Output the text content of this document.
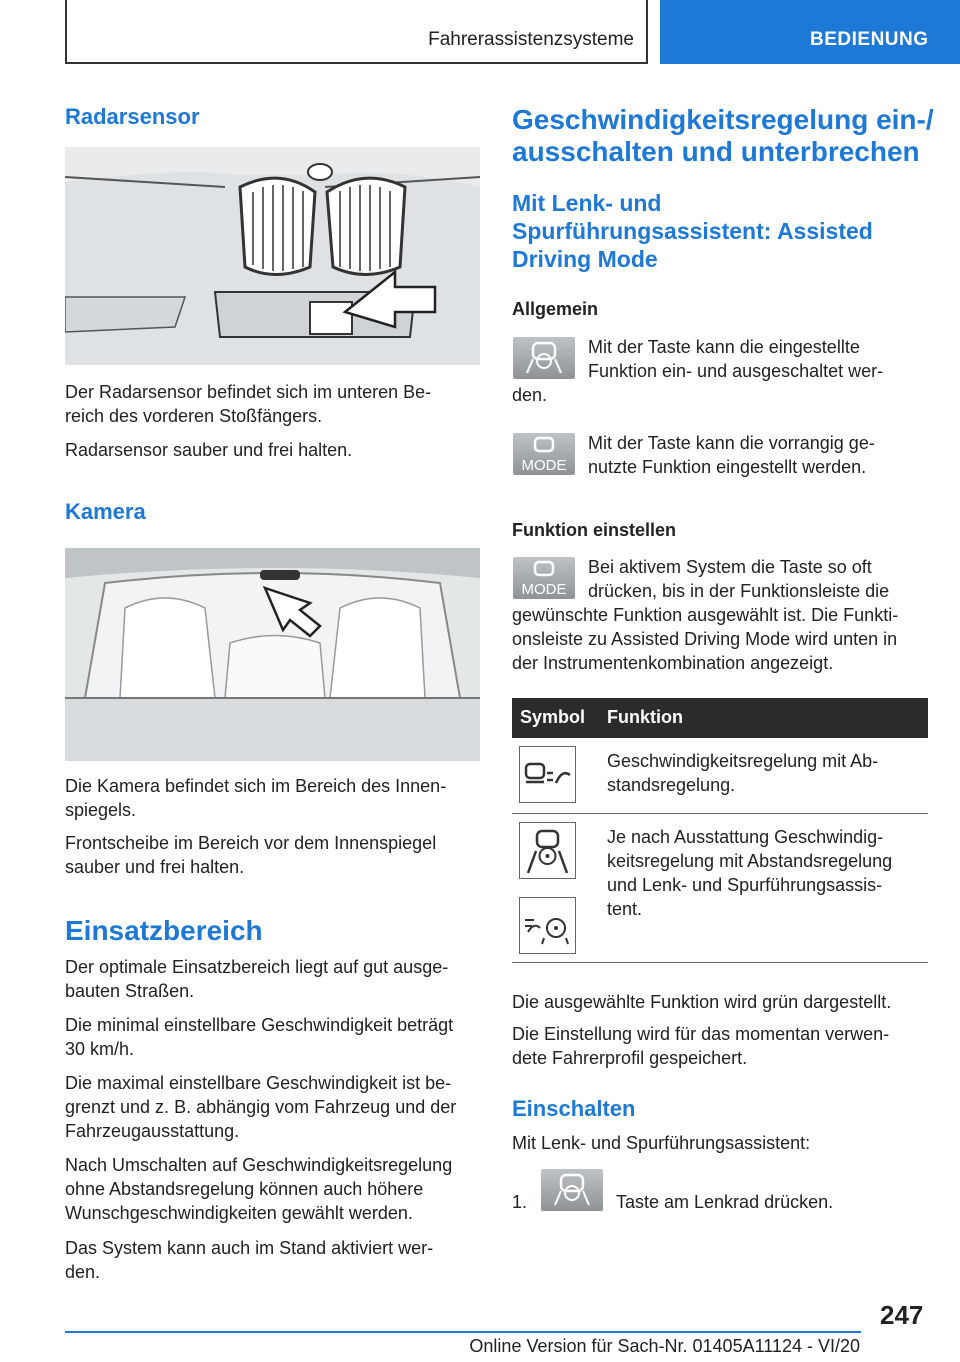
Fahrerassistenzsysteme	BEDIENUNG
Radarsensor
Der Radarsensor befindet sich im unteren Be-
reich des vorderen Stoßfängers.
Radarsensor sauber und frei halten.
Kamera
Die Kamera befindet sich im Bereich des Innen-
spiegels.
Frontscheibe im Bereich vor dem Innenspiegel
sauber und frei halten.
Einsatzbereich
Der optimale Einsatzbereich liegt auf gut ausge-
bauten Straßen.
Die minimal einstellbare Geschwindigkeit beträgt
30 km/h.
Die maximal einstellbare Geschwindigkeit ist be-
grenzt und z. B. abhängig vom Fahrzeug und der
Fahrzeugausstattung.
Nach Umschalten auf Geschwindigkeitsregelung
ohne Abstandsregelung können auch höhere
Wunschgeschwindigkeiten gewählt werden.
Das System kann auch im Stand aktiviert wer-
den.
Geschwindigkeitsregelung ein-/
ausschalten und unterbrechen
Mit Lenk- und
Spurführungsassistent: Assisted
Driving Mode
Allgemein
Mit der Taste kann die eingestellte
Funktion ein- und ausgeschaltet wer-
den.
MODE
Mit der Taste kann die vorrangig ge-
nutzte Funktion eingestellt werden.
Funktion einstellen
MODE
Bei aktivem System die Taste so oft
drücken, bis in der Funktionsleiste die
gewünschte Funktion ausgewählt ist. Die Funkti-
onsleiste zu Assisted Driving Mode wird unten in
der Instrumentenkombination angezeigt.
Symbol Funktion
Geschwindigkeitsregelung mit Ab-
standsregelung.
Je nach Ausstattung Geschwindig-
keitsregelung mit Abstandsregelung
und Lenk- und Spurführungsassis-
tent.
Die ausgewählte Funktion wird grün dargestellt.
Die Einstellung wird für das momentan verwen-
dete Fahrerprofil gespeichert.
Einschalten
Mit Lenk- und Spurführungsassistent:
1.	Taste am Lenkrad drücken.
247
Online Version für Sach-Nr. 01405A11124 - VI/20
